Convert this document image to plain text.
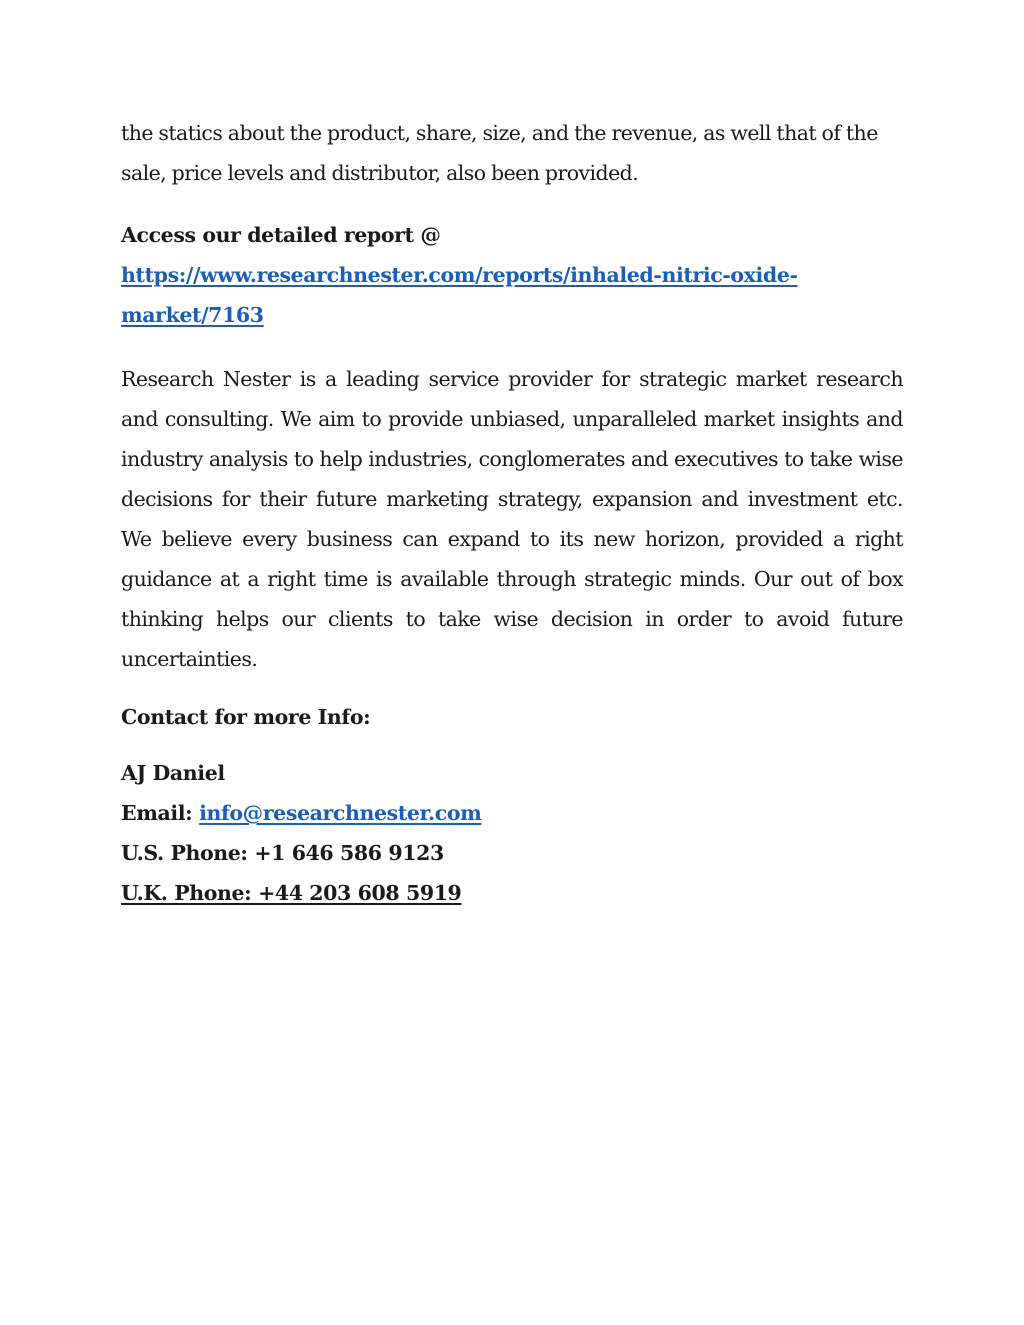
the statics about the product, share, size, and the revenue, as well that of the sale, price levels and distributor, also been provided.

Access our detailed report @

https://www.researchnester.com/reports/inhaled-nitric-oxide-
market/7163

Research Nester is a leading service provider for strategic market research and consulting. We aim to provide unbiased, unparalleled market insights and industry analysis to help industries, conglomerates and executives to take wise decisions for their future marketing strategy, expansion and investment etc. We believe every business can expand to its new horizon, provided a right guidance at a right time is available through strategic minds. Our out of box thinking helps our clients to take wise decision in order to avoid future uncertainties.

Contact for more Info:

AJ Daniel

Email: info@researchnester.com

U.S. Phone: +1 646 586 9123

U.K. Phone: +44 203 608 5919
